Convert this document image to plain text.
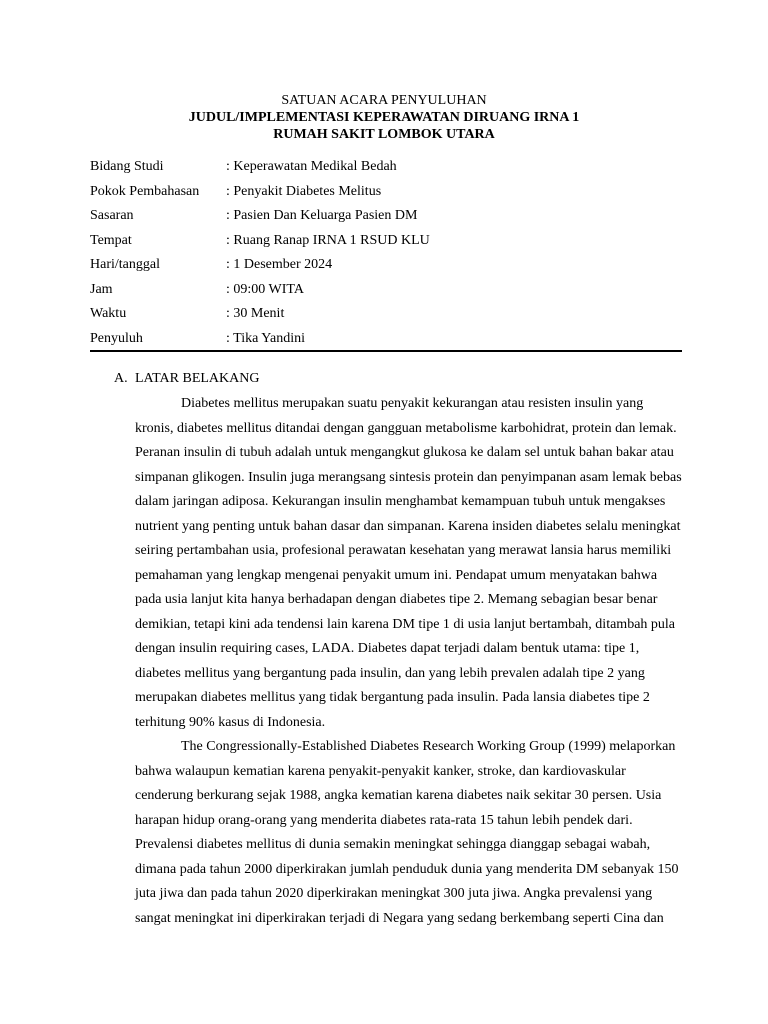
SATUAN ACARA PENYULUHAN
JUDUL/IMPLEMENTASI KEPERAWATAN DIRUANG IRNA 1
RUMAH SAKIT LOMBOK UTARA
Bidang Studi	: Keperawatan Medikal Bedah
Pokok Pembahasan : Penyakit Diabetes Melitus
Sasaran	: Pasien Dan Keluarga Pasien DM
Tempat	: Ruang Ranap IRNA 1 RSUD KLU
Hari/tanggal	: 1 Desember 2024
Jam	: 09:00 WITA
Waktu	: 30 Menit
Penyuluh	: Tika Yandini
A. LATAR BELAKANG
Diabetes mellitus merupakan suatu penyakit kekurangan atau resisten insulin yang
kronis, diabetes mellitus ditandai dengan gangguan metabolisme karbohidrat, protein dan lemak.
Peranan insulin di tubuh adalah untuk mengangkut glukosa ke dalam sel untuk bahan bakar atau
simpanan glikogen. Insulin juga merangsang sintesis protein dan penyimpanan asam lemak bebas
dalam jaringan adiposa. Kekurangan insulin menghambat kemampuan tubuh untuk mengakses
nutrient yang penting untuk bahan dasar dan simpanan. Karena insiden diabetes selalu meningkat
seiring pertambahan usia, profesional perawatan kesehatan yang merawat lansia harus memiliki
pemahaman yang lengkap mengenai penyakit umum ini. Pendapat umum menyatakan bahwa
pada usia lanjut kita hanya berhadapan dengan diabetes tipe 2. Memang sebagian besar benar
demikian, tetapi kini ada tendensi lain karena DM tipe 1 di usia lanjut bertambah, ditambah pula
dengan insulin requiring cases, LADA. Diabetes dapat terjadi dalam bentuk utama: tipe 1,
diabetes mellitus yang bergantung pada insulin, dan yang lebih prevalen adalah tipe 2 yang
merupakan diabetes mellitus yang tidak bergantung pada insulin. Pada lansia diabetes tipe 2
terhitung 90% kasus di Indonesia.
The Congressionally-Established Diabetes Research Working Group (1999) melaporkan
bahwa walaupun kematian karena penyakit-penyakit kanker, stroke, dan kardiovaskular
cenderung berkurang sejak 1988, angka kematian karena diabetes naik sekitar 30 persen. Usia
harapan hidup orang-orang yang menderita diabetes rata-rata 15 tahun lebih pendek dari.
Prevalensi diabetes mellitus di dunia semakin meningkat sehingga dianggap sebagai wabah,
dimana pada tahun 2000 diperkirakan jumlah penduduk dunia yang menderita DM sebanyak 150
juta jiwa dan pada tahun 2020 diperkirakan meningkat 300 juta jiwa. Angka prevalensi yang
sangat meningkat ini diperkirakan terjadi di Negara yang sedang berkembang seperti Cina dan
